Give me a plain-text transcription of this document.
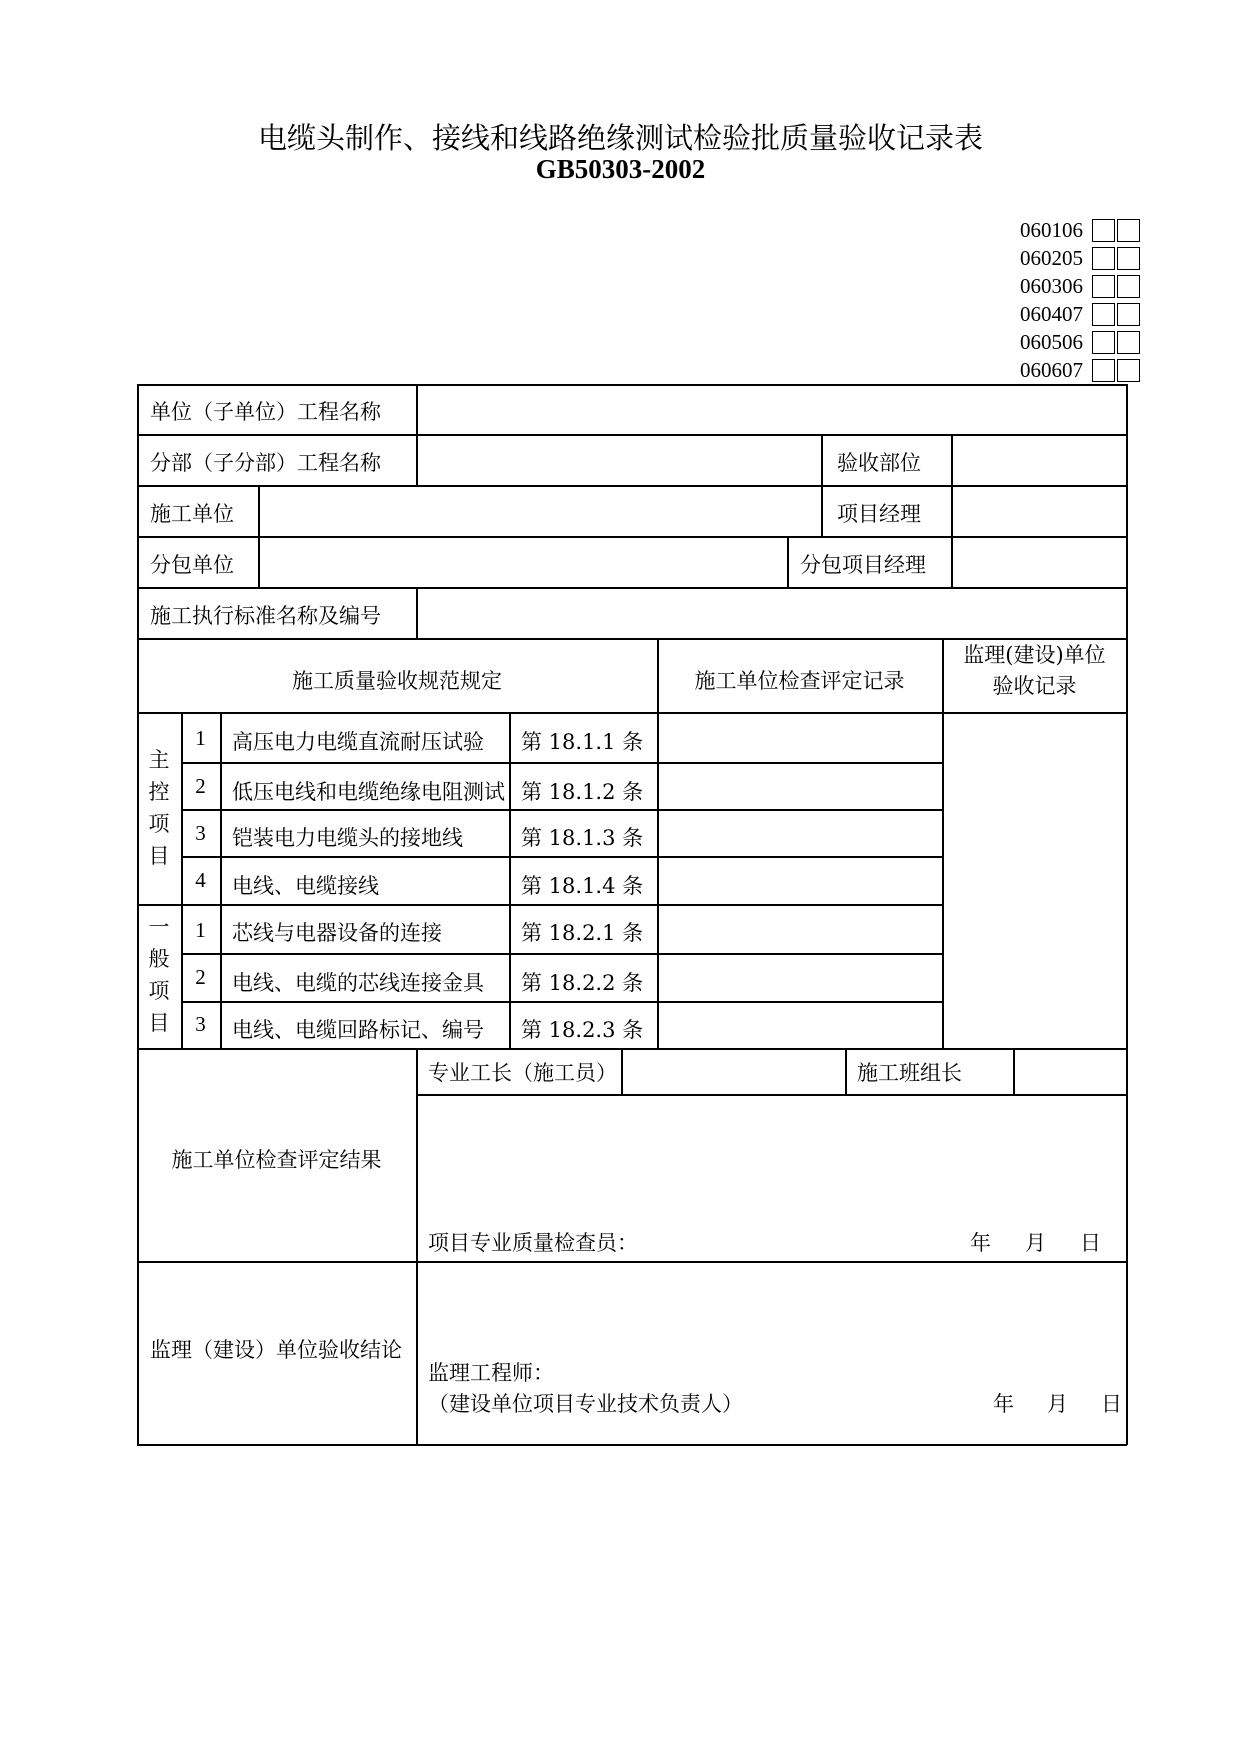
电缆头制作、接线和线路绝缘测试检验批质量验收记录表
GB50303-2002
060106
060205
060306
060407
060506
060607
单位（子单位）工程名称
分部（子分部）工程名称	验收部位
施工单位	项目经理
分包单位	分包项目经理
施工执行标准名称及编号
施工质量验收规范规定	施工单位检查评定记录
监理(建设)单位
验收记录
主
控
项
目
1	高压电力电缆直流耐压试验 第 18.1.1 条
2	低压电线和电缆绝缘电阻测试 第 18.1.2 条
3	铠装电力电缆头的接地线	第 18.1.3 条
4	电线、电缆接线	第 18.1.4 条
一
般
项
目
1	芯线与电器设备的连接	第 18.2.1 条
2	电线、电缆的芯线连接金具 第 18.2.2 条
3	电线、电缆回路标记、编号 第 18.2.3 条
专业工长（施工员）	施工班组长
施工单位检查评定结果
项目专业质量检查员：	年 月 日
监理（建设）单位验收结论
监理工程师：
（建设单位项目专业技术负责人）	年 月 日
